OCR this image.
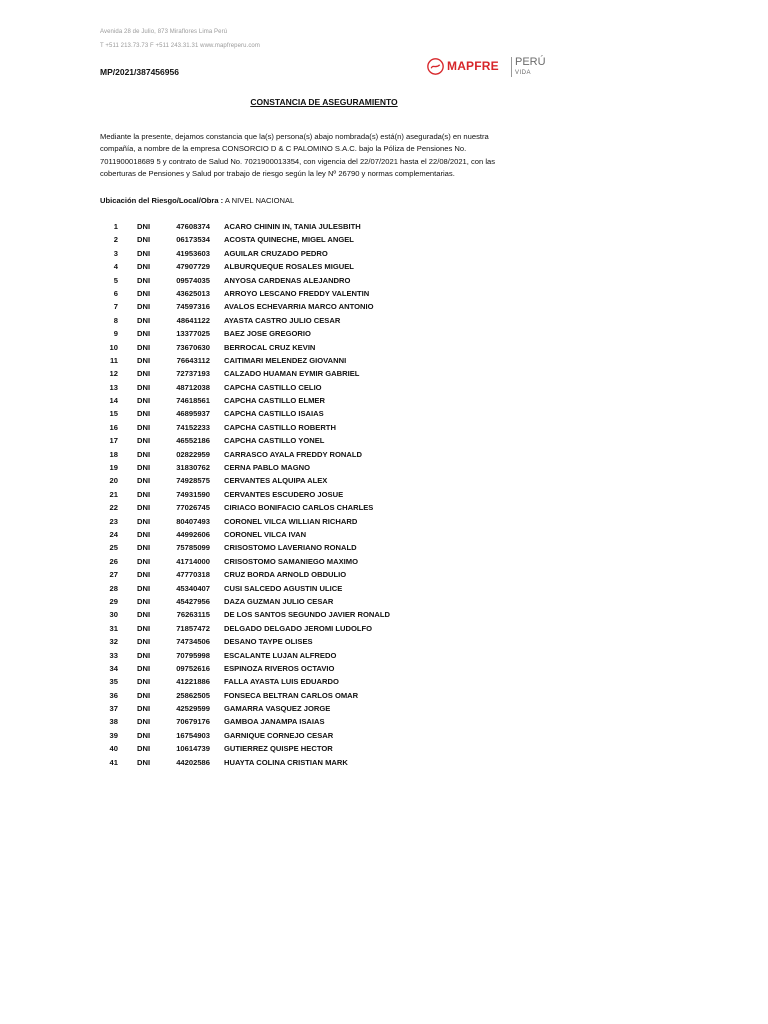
Avenida 28 de Julio, 873 Miraflores Lima Perú
T +511 213.73.73 F +511 243.31.31 www.mapfreperu.com
MP/2021/387456956	MAPFRE PERÚ
VIDA
CONSTANCIA DE ASEGURAMIENTO

Mediante la presente, dejamos constancia que la(s) persona(s) abajo nombrada(s) está(n) asegurada(s) en nuestra

compañía, a nombre de la empresa CONSORCIO D & C PALOMINO S.A.C. bajo la Póliza de Pensiones No.

7011900018689 5 y contrato de Salud No. 7021900013354, con vigencia del 22/07/2021 hasta el 22/08/2021, con las

coberturas de Pensiones y Salud por trabajo de riesgo según la ley Nº 26790 y normas complementarias.

Ubicación del Riesgo/Local/Obra : A NIVEL NACIONAL
1	DNI	47608374 ACARO CHININ IN, TANIA JULESBITH
2	DNI	06173534 ACOSTA QUINECHE, MIGEL ANGEL
3	DNI	41953603 AGUILAR CRUZADO PEDRO
4	DNI	47907729 ALBURQUEQUE ROSALES MIGUEL
5	DNI	09574035 ANYOSA CARDENAS ALEJANDRO
6	DNI	43625013 ARROYO LESCANO FREDDY VALENTIN
7	DNI	74597316 AVALOS ECHEVARRIA MARCO ANTONIO
8	DNI	48641122 AYASTA CASTRO JULIO CESAR
9	DNI	13377025 BAEZ JOSE GREGORIO
10	DNI	73670630 BERROCAL CRUZ KEVIN
11	DNI	76643112 CAITIMARI MELENDEZ GIOVANNI
12	DNI	72737193 CALZADO HUAMAN EYMIR GABRIEL
13	DNI	48712038 CAPCHA CASTILLO CELIO
14	DNI	74618561 CAPCHA CASTILLO ELMER
15	DNI	46895937 CAPCHA CASTILLO ISAIAS
16	DNI	74152233 CAPCHA CASTILLO ROBERTH
17	DNI	46552186 CAPCHA CASTILLO YONEL
18	DNI	02822959 CARRASCO AYALA FREDDY RONALD
19	DNI	31830762 CERNA PABLO MAGNO
20	DNI	74928575 CERVANTES ALQUIPA ALEX
21	DNI	74931590 CERVANTES ESCUDERO JOSUE
22	DNI	77026745 CIRIACO BONIFACIO CARLOS CHARLES
23	DNI	80407493 CORONEL VILCA WILLIAN RICHARD
24	DNI	44992606 CORONEL VILCA IVAN
25	DNI	75785099 CRISOSTOMO LAVERIANO RONALD
26	DNI	41714000 CRISOSTOMO SAMANIEGO MAXIMO
27	DNI	47770318 CRUZ BORDA ARNOLD OBDULIO
28	DNI	45340407 CUSI SALCEDO AGUSTIN ULICE
29	DNI	45427956 DAZA GUZMAN JULIO CESAR
30	DNI	76263115 DE LOS SANTOS SEGUNDO JAVIER RONALD
31	DNI	71857472 DELGADO DELGADO JEROMI LUDOLFO
32	DNI	74734506 DESANO TAYPE OLISES
33	DNI	70795998 ESCALANTE LUJAN ALFREDO
34	DNI	09752616 ESPINOZA RIVEROS OCTAVIO
35	DNI	41221886 FALLA AYASTA LUIS EDUARDO
36	DNI	25862505 FONSECA BELTRAN CARLOS OMAR
37	DNI	42529599 GAMARRA VASQUEZ JORGE
38	DNI	70679176 GAMBOA JANAMPA ISAIAS
39	DNI	16754903 GARNIQUE CORNEJO CESAR
40	DNI	10614739 GUTIERREZ QUISPE HECTOR
41	DNI	44202586 HUAYTA COLINA CRISTIAN MARK
